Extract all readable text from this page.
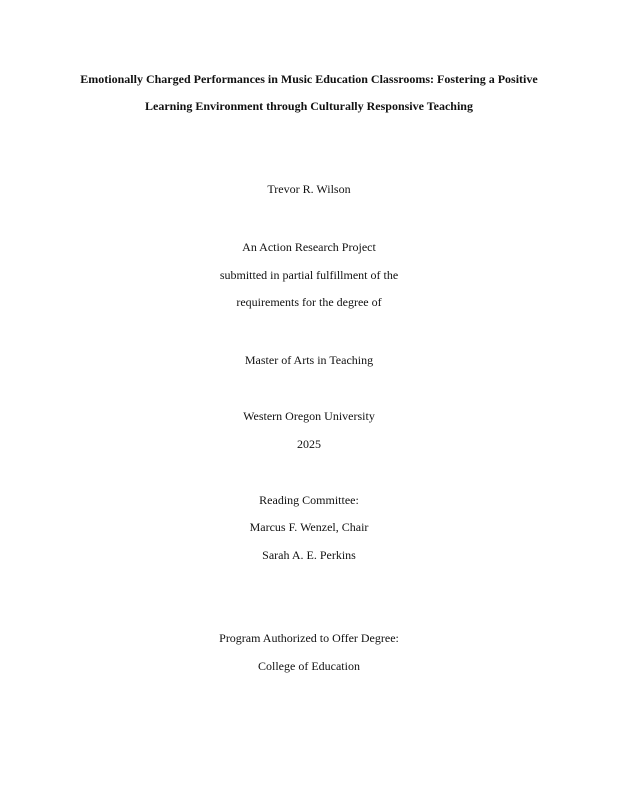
Emotionally Charged Performances in Music Education Classrooms: Fostering a Positive
Learning Environment through Culturally Responsive Teaching
Trevor R. Wilson
An Action Research Project
submitted in partial fulfillment of the
requirements for the degree of
Master of Arts in Teaching
Western Oregon University
2025
Reading Committee:
Marcus F. Wenzel, Chair
Sarah A. E. Perkins
Program Authorized to Offer Degree:
College of Education
